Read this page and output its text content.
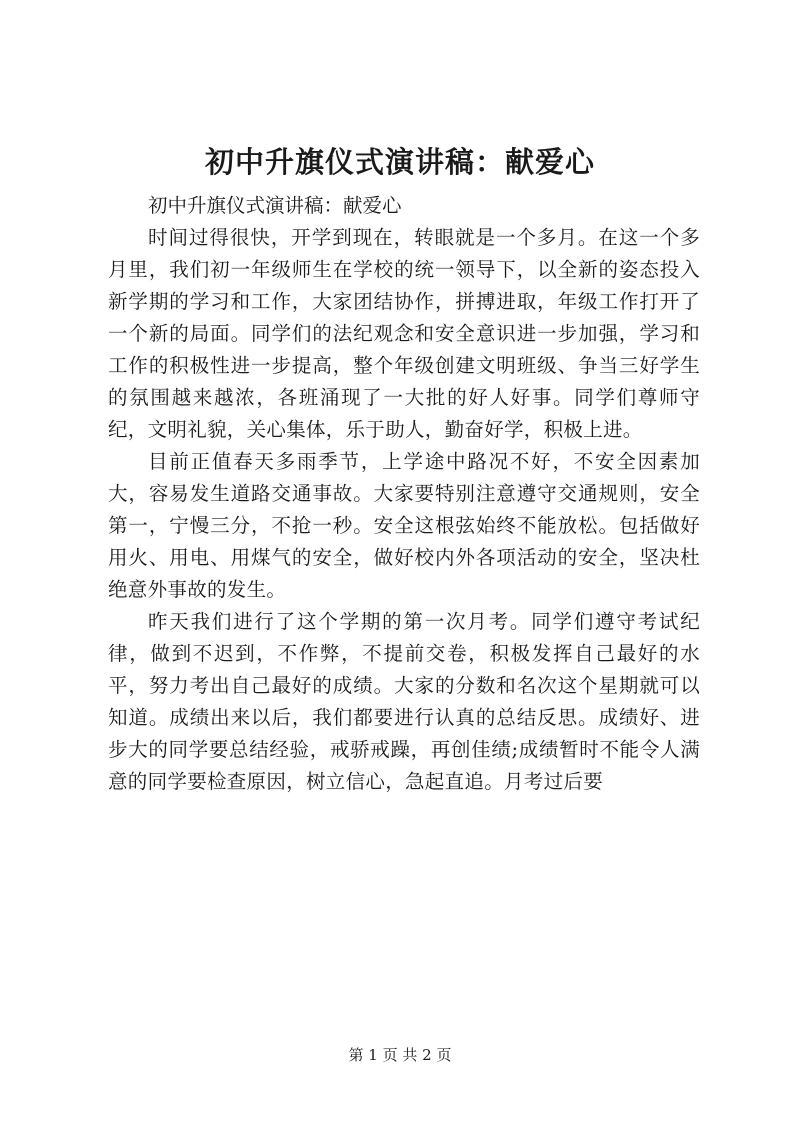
初中升旗仪式演讲稿：献爱心

初中升旗仪式演讲稿：献爱心

时间过得很快，开学到现在，转眼就是一个多月。在这一个多月里，我们初一年级师生在学校的统一领导下，以全新的姿态投入新学期的学习和工作，大家团结协作，拼搏进取，年级工作打开了一个新的局面。同学们的法纪观念和安全意识进一步加强，学习和工作的积极性进一步提高，整个年级创建文明班级、争当三好学生的氛围越来越浓，各班涌现了一大批的好人好事。同学们尊师守纪，文明礼貌，关心集体，乐于助人，勤奋好学，积极上进。

目前正值春天多雨季节，上学途中路况不好，不安全因素加大，容易发生道路交通事故。大家要特别注意遵守交通规则，安全第一，宁慢三分，不抢一秒。安全这根弦始终不能放松。包括做好用火、用电、用煤气的安全，做好校内外各项活动的安全，坚决杜绝意外事故的发生。

昨天我们进行了这个学期的第一次月考。同学们遵守考试纪律，做到不迟到，不作弊，不提前交卷，积极发挥自己最好的水平，努力考出自己最好的成绩。大家的分数和名次这个星期就可以知道。成绩出来以后，我们都要进行认真的总结反思。成绩好、进步大的同学要总结经验，戒骄戒躁，再创佳绩;成绩暂时不能令人满意的同学要检查原因，树立信心，急起直追。月考过后要

第 1 页 共 2 页
